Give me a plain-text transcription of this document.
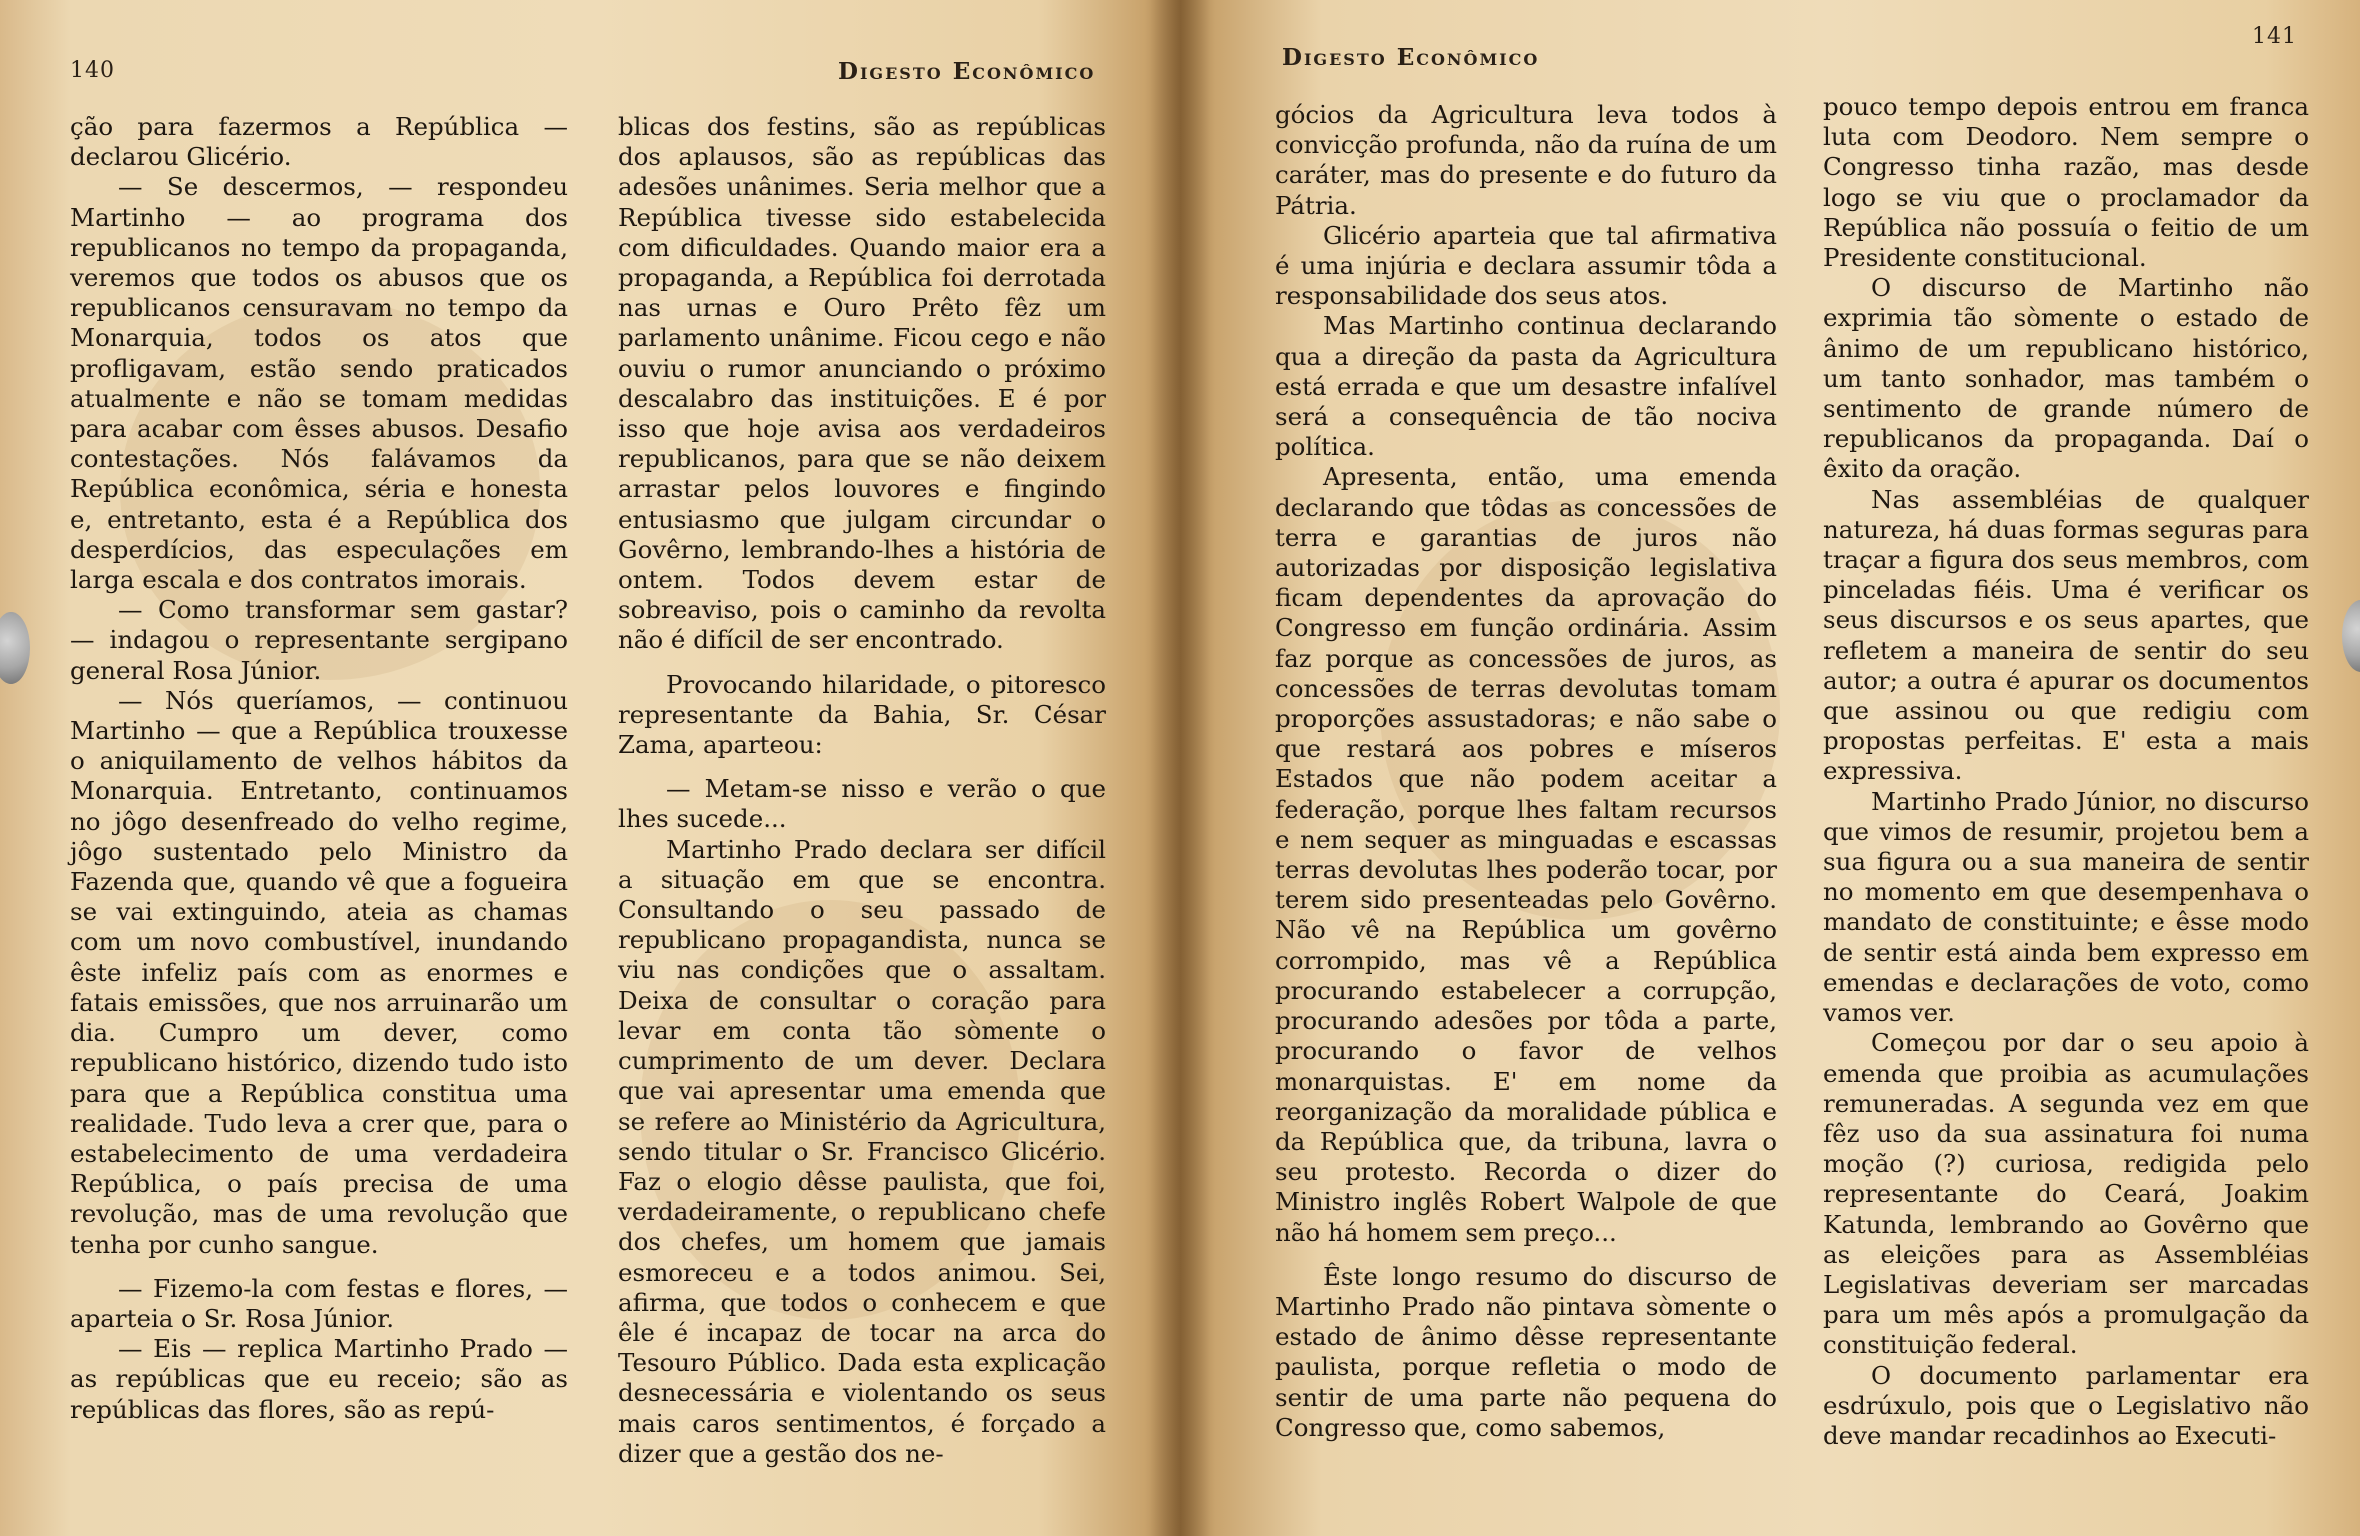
140	Digesto Econômico

ção para fazermos a República — declarou Glicério.

— Se descermos, — respondeu Martinho — ao programa dos republicanos no tempo da propaganda, veremos que todos os abusos que os republicanos censuravam no tempo da Monarquia, todos os atos que profligavam, estão sendo praticados atualmente e não se tomam medidas para acabar com êsses abusos. Desafio contestações. Nós falávamos da República econômica, séria e honesta e, entretanto, esta é a República dos desperdícios, das especulações em larga escala e dos contratos imorais.

— Como transformar sem gastar? — indagou o representante sergipano general Rosa Júnior.

— Nós queríamos, — continuou Martinho — que a República trouxesse o aniquilamento de velhos hábitos da Monarquia. Entretanto, continuamos no jôgo desenfreado do velho regime, jôgo sustentado pelo Ministro da Fazenda que, quando vê que a fogueira se vai extinguindo, ateia as chamas com um novo combustível, inundando êste infeliz país com as enormes e fatais emissões, que nos arruinarão um dia. Cumpro um dever, como republicano histórico, dizendo tudo isto para que a República constitua uma realidade. Tudo leva a crer que, para o estabelecimento de uma verdadeira República, o país precisa de uma revolução, mas de uma revolução que tenha por cunho sangue.

— Fizemo-la com festas e flores, — aparteia o Sr. Rosa Júnior.

— Eis — replica Martinho Prado — as repúblicas que eu receio; são as repúblicas das flores, são as repú-

blicas dos festins, são as repúblicas dos aplausos, são as repúblicas das adesões unânimes. Seria melhor que a República tivesse sido estabelecida com dificuldades. Quando maior era a propaganda, a República foi derrotada nas urnas e Ouro Prêto fêz um parlamento unânime. Ficou cego e não ouviu o rumor anunciando o próximo descalabro das instituições. E é por isso que hoje avisa aos verdadeiros republicanos, para que se não deixem arrastar pelos louvores e fingindo entusiasmo que julgam circundar o Govêrno, lembrando-lhes a história de ontem. Todos devem estar de sobreaviso, pois o caminho da revolta não é difícil de ser encontrado.

Provocando hilaridade, o pitoresco representante da Bahia, Sr. César Zama, aparteou:

— Metam-se nisso e verão o que lhes sucede...

Martinho Prado declara ser difícil a situação em que se encontra. Consultando o seu passado de republicano propagandista, nunca se viu nas condições que o assaltam. Deixa de consultar o coração para levar em conta tão sòmente o cumprimento de um dever. Declara que vai apresentar uma emenda que se refere ao Ministério da Agricultura, sendo titular o Sr. Francisco Glicério. Faz o elogio dêsse paulista, que foi, verdadeiramente, o republicano chefe dos chefes, um homem que jamais esmoreceu e a todos animou. Sei, afirma, que todos o conhecem e que êle é incapaz de tocar na arca do Tesouro Público. Dada esta explicação desnecessária e violentando os seus mais caros sentimentos, é forçado a dizer que a gestão dos ne-

Digesto Econômico
141

gócios da Agricultura leva todos à convicção profunda, não da ruína de um caráter, mas do presente e do futuro da Pátria.

Glicério aparteia que tal afirmativa é uma injúria e declara assumir tôda a responsabilidade dos seus atos.

Mas Martinho continua declarando qua a direção da pasta da Agricultura está errada e que um desastre infalível será a consequência de tão nociva política.

Apresenta, então, uma emenda declarando que tôdas as concessões de terra e garantias de juros não autorizadas por disposição legislativa ficam dependentes da aprovação do Congresso em função ordinária. Assim faz porque as concessões de juros, as concessões de terras devolutas tomam proporções assustadoras; e não sabe o que restará aos pobres e míseros Estados que não podem aceitar a federação, porque lhes faltam recursos e nem sequer as minguadas e escassas terras devolutas lhes poderão tocar, por terem sido presenteadas pelo Govêrno. Não vê na República um govêrno corrompido, mas vê a República procurando estabelecer a corrupção, procurando adesões por tôda a parte, procurando o favor de velhos monarquistas. E' em nome da reorganização da moralidade pública e da República que, da tribuna, lavra o seu protesto. Recorda o dizer do Ministro inglês Robert Walpole de que não há homem sem preço...

Êste longo resumo do discurso de Martinho Prado não pintava sòmente o estado de ânimo dêsse representante paulista, porque refletia o modo de sentir de uma parte não pequena do Congresso que, como sabemos,

pouco tempo depois entrou em franca luta com Deodoro. Nem sempre o Congresso tinha razão, mas desde logo se viu que o proclamador da República não possuía o feitio de um Presidente constitucional.

O discurso de Martinho não exprimia tão sòmente o estado de ânimo de um republicano histórico, um tanto sonhador, mas também o sentimento de grande número de republicanos da propaganda. Daí o êxito da oração.

Nas assembléias de qualquer natureza, há duas formas seguras para traçar a figura dos seus membros, com pinceladas fiéis. Uma é verificar os seus discursos e os seus apartes, que refletem a maneira de sentir do seu autor; a outra é apurar os documentos que assinou ou que redigiu com propostas perfeitas. E' esta a mais expressiva.

Martinho Prado Júnior, no discurso que vimos de resumir, projetou bem a sua figura ou a sua maneira de sentir no momento em que desempenhava o mandato de constituinte; e êsse modo de sentir está ainda bem expresso em emendas e declarações de voto, como vamos ver.

Começou por dar o seu apoio à emenda que proibia as acumulações remuneradas. A segunda vez em que fêz uso da sua assinatura foi numa moção (?) curiosa, redigida pelo representante do Ceará, Joakim Katunda, lembrando ao Govêrno que as eleições para as Assembléias Legislativas deveriam ser marcadas para um mês após a promulgação da constituição federal.

O documento parlamentar era esdrúxulo, pois que o Legislativo não deve mandar recadinhos ao Executi-
